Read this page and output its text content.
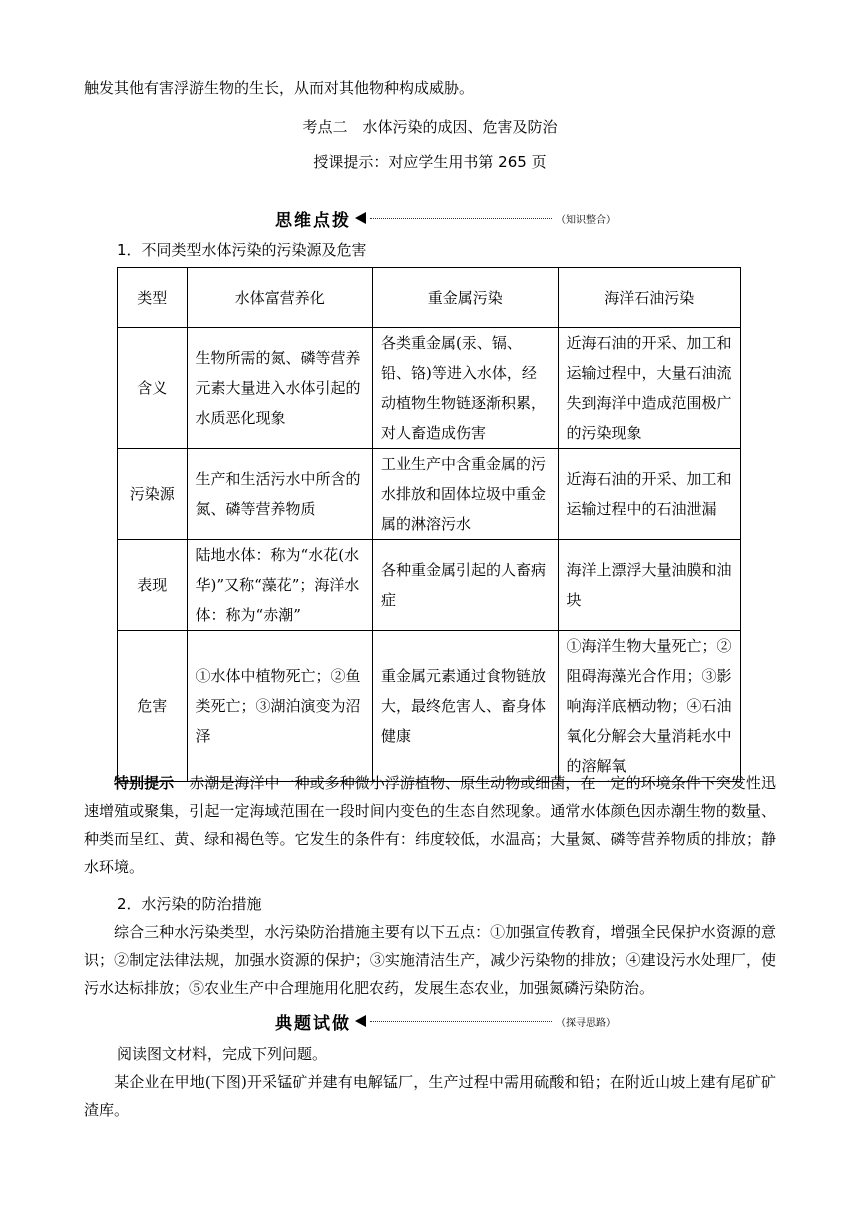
触发其他有害浮游生物的生长，从而对其他物种构成威胁。
考点二　水体污染的成因、危害及防治
授课提示：对应学生用书第 265 页
思维点拨	（知识整合）
1．不同类型水体污染的污染源及危害
类型	水体富营养化	重金属污染	海洋石油污染
含义	生物所需的氮、磷等营养元素大量进入水体引起的水质恶化现象	各类重金属(汞、镉、铅、铬)等进入水体，经动植物生物链逐渐积累，对人畜造成伤害	近海石油的开采、加工和运输过程中，大量石油流失到海洋中造成范围极广的污染现象
污染源	生产和生活污水中所含的氮、磷等营养物质	工业生产中含重金属的污水排放和固体垃圾中重金属的淋溶污水	近海石油的开采、加工和运输过程中的石油泄漏
表现	陆地水体：称为“水花(水华)”又称“藻花”；海洋水体：称为“赤潮”	各种重金属引起的人畜病症	海洋上漂浮大量油膜和油块
危害	①水体中植物死亡；②鱼类死亡；③湖泊演变为沼泽	重金属元素通过食物链放大，最终危害人、畜身体健康	①海洋生物大量死亡；②阻碍海藻光合作用；③影响海洋底栖动物；④石油氧化分解会大量消耗水中的溶解氧

特别提示　 赤潮是海洋中一种或多种微小浮游植物、原生动物或细菌，在一定的环境条件下突发性迅速增殖或聚集，引起一定海域范围在一段时间内变色的生态自然现象。通常水体颜色因赤潮生物的数量、种类而呈红、黄、绿和褐色等。它发生的条件有：纬度较低，水温高；大量氮、磷等营养物质的排放；静水环境。

2．水污染的防治措施

综合三种水污染类型，水污染防治措施主要有以下五点：①加强宣传教育，增强全民保护水资源的意识；②制定法律法规，加强水资源的保护；③实施清洁生产，减少污染物的排放；④建设污水处理厂，使污水达标排放；⑤农业生产中合理施用化肥农药，发展生态农业，加强氮磷污染防治。

典题试做	（探寻思路）
阅读图文材料，完成下列问题。

某企业在甲地(下图)开采锰矿并建有电解锰厂，生产过程中需用硫酸和铅；在附近山坡上建有尾矿矿渣库。
